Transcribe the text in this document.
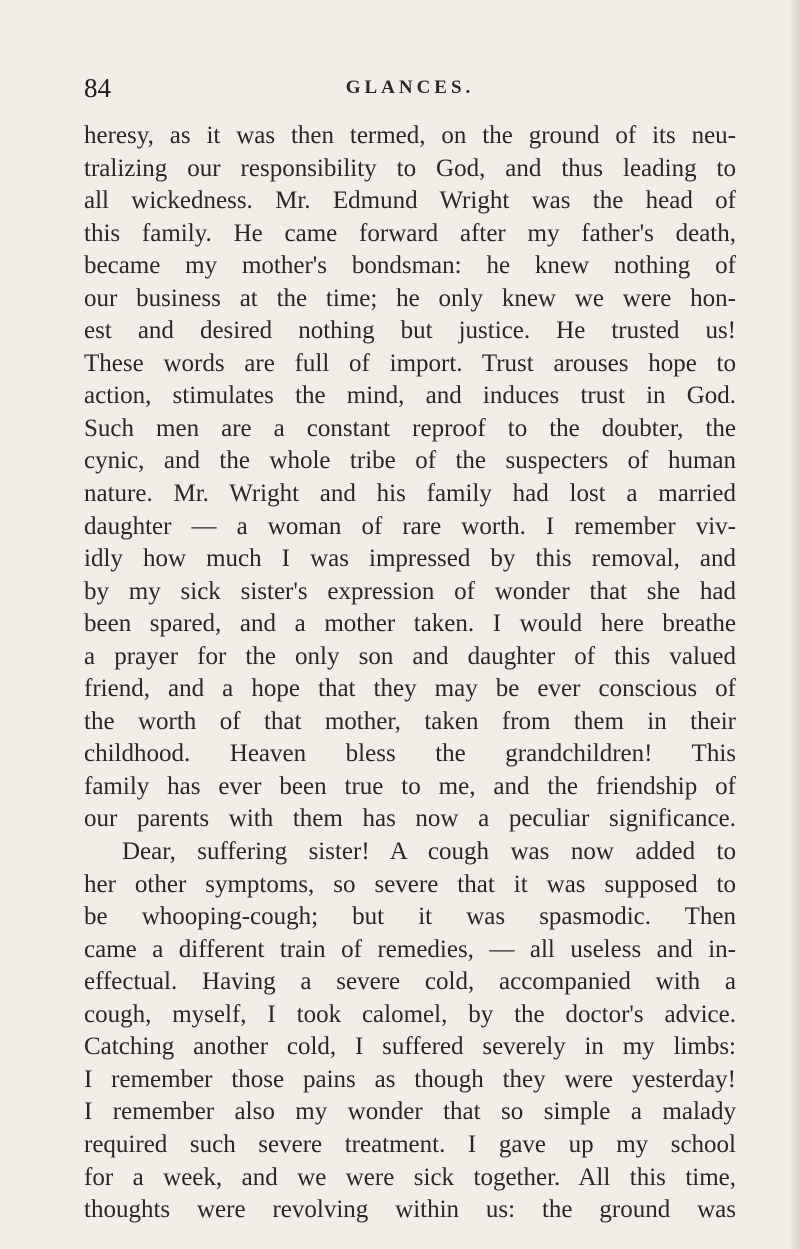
84	GLANCES.
heresy, as it was then termed, on the ground of its neu-
tralizing our responsibility to God, and thus leading to
all wickedness. Mr. Edmund Wright was the head of
this family. He came forward after my father's death,
became my mother's bondsman: he knew nothing of
our business at the time; he only knew we were hon-
est and desired nothing but justice. He trusted us!
These words are full of import. Trust arouses hope to
action, stimulates the mind, and induces trust in God.
Such men are a constant reproof to the doubter, the
cynic, and the whole tribe of the suspecters of human
nature. Mr. Wright and his family had lost a married
daughter — a woman of rare worth. I remember viv-
idly how much I was impressed by this removal, and
by my sick sister's expression of wonder that she had
been spared, and a mother taken. I would here breathe
a prayer for the only son and daughter of this valued
friend, and a hope that they may be ever conscious of
the worth of that mother, taken from them in their
childhood. Heaven bless the grandchildren! This
family has ever been true to me, and the friendship of
our parents with them has now a peculiar significance.
Dear, suffering sister! A cough was now added to
her other symptoms, so severe that it was supposed to
be whooping-cough; but it was spasmodic. Then
came a different train of remedies, — all useless and in-
effectual. Having a severe cold, accompanied with a
cough, myself, I took calomel, by the doctor's advice.
Catching another cold, I suffered severely in my limbs:
I remember those pains as though they were yesterday!
I remember also my wonder that so simple a malady
required such severe treatment. I gave up my school
for a week, and we were sick together. All this time,
thoughts were revolving within us: the ground was
